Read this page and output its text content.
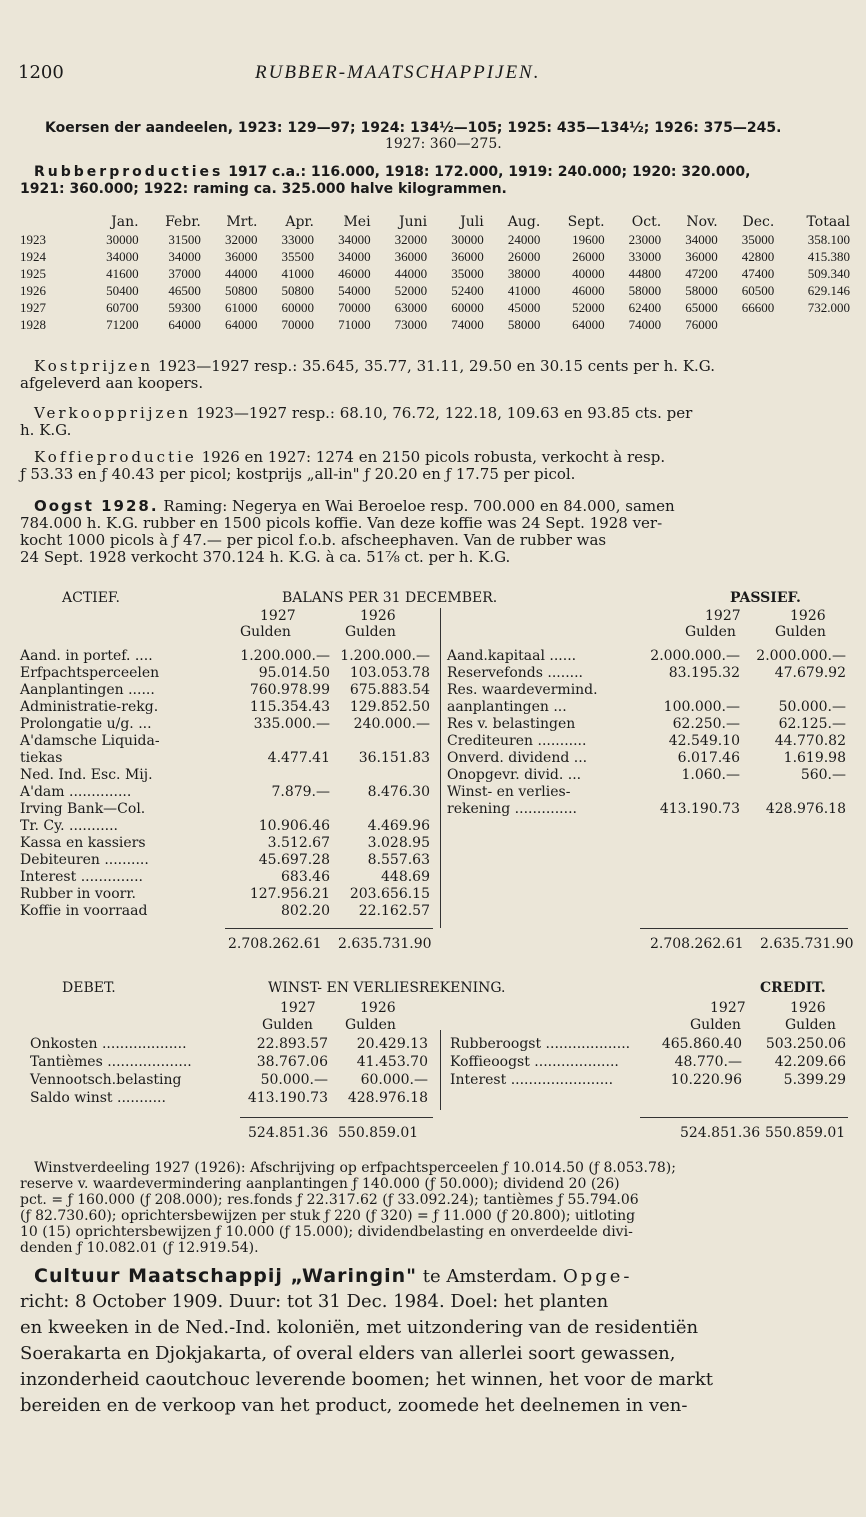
1200	RUBBER-MAATSCHAPPIJEN.
Koersen der aandeelen, 1923: 129—97; 1924: 134½—105; 1925: 435—134½; 1926: 375—245.
1927: 360—275.
Rubberproducties 1917 c.a.: 116.000, 1918: 172.000, 1919: 240.000; 1920: 320.000,
1921: 360.000; 1922: raming ca. 325.000 halve kilogrammen.
	Jan.	Febr.	Mrt.	Apr.	Mei	Juni	Juli	Aug.	Sept.	Oct.	Nov.	Dec.	Totaal
1923	30000	31500	32000	33000	34000	32000	30000	24000	19600	23000	34000	35000	358.100
1924	34000	34000	36000	35500	34000	36000	36000	26000	26000	33000	36000	42800	415.380
1925	41600	37000	44000	41000	46000	44000	35000	38000	40000	44800	47200	47400	509.340
1926	50400	46500	50800	50800	54000	52000	52400	41000	46000	58000	58000	60500	629.146
1927	60700	59300	61000	60000	70000	63000	60000	45000	52000	62400	65000	66600	732.000
1928	71200	64000	64000	70000	71000	73000	74000	58000	64000	74000	76000		
Kostprijzen 1923—1927 resp.: 35.645, 35.77, 31.11, 29.50 en 30.15 cents per h. K.G.
afgeleverd aan koopers.
Verkoopprijzen 1923—1927 resp.: 68.10, 76.72, 122.18, 109.63 en 93.85 cts. per
h. K.G.
Koffieproductie 1926 en 1927: 1274 en 2150 picols robusta, verkocht à resp.
ƒ 53.33 en ƒ 40.43 per picol; kostprijs „all-in" ƒ 20.20 en ƒ 17.75 per picol.
Oogst 1928. Raming: Negerya en Wai Beroeloe resp. 700.000 en 84.000, samen
784.000 h. K.G. rubber en 1500 picols koffie. Van deze koffie was 24 Sept. 1928 ver-
kocht 1000 picols à ƒ 47.— per picol f.o.b. afscheephaven. Van de rubber was
24 Sept. 1928 verkocht 370.124 h. K.G. à ca. 51⅞ ct. per h. K.G.
ACTIEF.	BALANS PER 31 DECEMBER.	PASSIEF.
1927	1926
Gulden	Gulden
1927	1926
Gulden	Gulden
Aand. in portef. ....	1.200.000.— 1.200.000.—
Erfpachtsperceelen	95.014.50 103.053.78
Aanplantingen ......	760.978.99 675.883.54
Administratie-rekg.	115.354.43 129.852.50
Prolongatie u/g. ...	335.000.— 240.000.—
A'damsche Liquida-
tiekas	4.477.41 36.151.83
Ned. Ind. Esc. Mij.
A'dam ..............	7.879.—	8.476.30
Irving Bank—Col.
Tr. Cy. ...........	10.906.46	4.469.96
Kassa en kassiers	3.512.67	3.028.95
Debiteuren ..........	45.697.28	8.557.63
Interest ..............	683.46	448.69
Rubber in voorr.	127.956.21 203.656.15
Koffie in voorraad	802.20 22.162.57
Aand.kapitaal ......	2.000.000.— 2.000.000.—
Reservefonds ........	83.195.32 47.679.92
Res. waardevermind.
aanplantingen ...	100.000.—	50.000.—
Res v. belastingen	62.250.—	62.125.—
Crediteuren ...........	42.549.10 44.770.82
Onverd. dividend ...	6.017.46	1.619.98
Onopgevr. divid. ...	1.060.—	560.—
Winst- en verlies-
rekening ..............	413.190.73 428.976.18
2.708.262.61 2.635.731.90	2.708.262.61 2.635.731.90
DEBET.	WINST- EN VERLIESREKENING.	CREDIT.
1927	1926
Gulden Gulden
1927	1926
Gulden	Gulden
Onkosten ...................	22.893.57 20.429.13
Tantièmes ...................	38.767.06 41.453.70
Vennootsch.belasting	50.000.— 60.000.—
Saldo winst ...........	413.190.73 428.976.18
Rubberoogst ................... 465.860.40 503.250.06
Koffieoogst ...................	48.770.— 42.209.66
Interest .......................	10.220.96	5.399.29
524.851.36 550.859.01	524.851.36 550.859.01
Winstverdeeling 1927 (1926): Afschrijving op erfpachtsperceelen ƒ 10.014.50 (ƒ 8.053.78);
reserve v. waardevermindering aanplantingen ƒ 140.000 (ƒ 50.000); dividend 20 (26)
pct. = ƒ 160.000 (ƒ 208.000); res.fonds ƒ 22.317.62 (ƒ 33.092.24); tantièmes ƒ 55.794.06
(ƒ 82.730.60); oprichtersbewijzen per stuk ƒ 220 (ƒ 320) = ƒ 11.000 (ƒ 20.800); uitloting
10 (15) oprichtersbewijzen ƒ 10.000 (ƒ 15.000); dividendbelasting en onverdeelde divi-
denden ƒ 10.082.01 (ƒ 12.919.54).
Cultuur Maatschappij „Waringin" te Amsterdam. Opge-
richt: 8 October 1909. Duur: tot 31 Dec. 1984. Doel: het planten
en kweeken in de Ned.-Ind. koloniën, met uitzondering van de residentiën
Soerakarta en Djokjakarta, of overal elders van allerlei soort gewassen,
inzonderheid caoutchouc leverende boomen; het winnen, het voor de markt
bereiden en de verkoop van het product, zoomede het deelnemen in ven-
